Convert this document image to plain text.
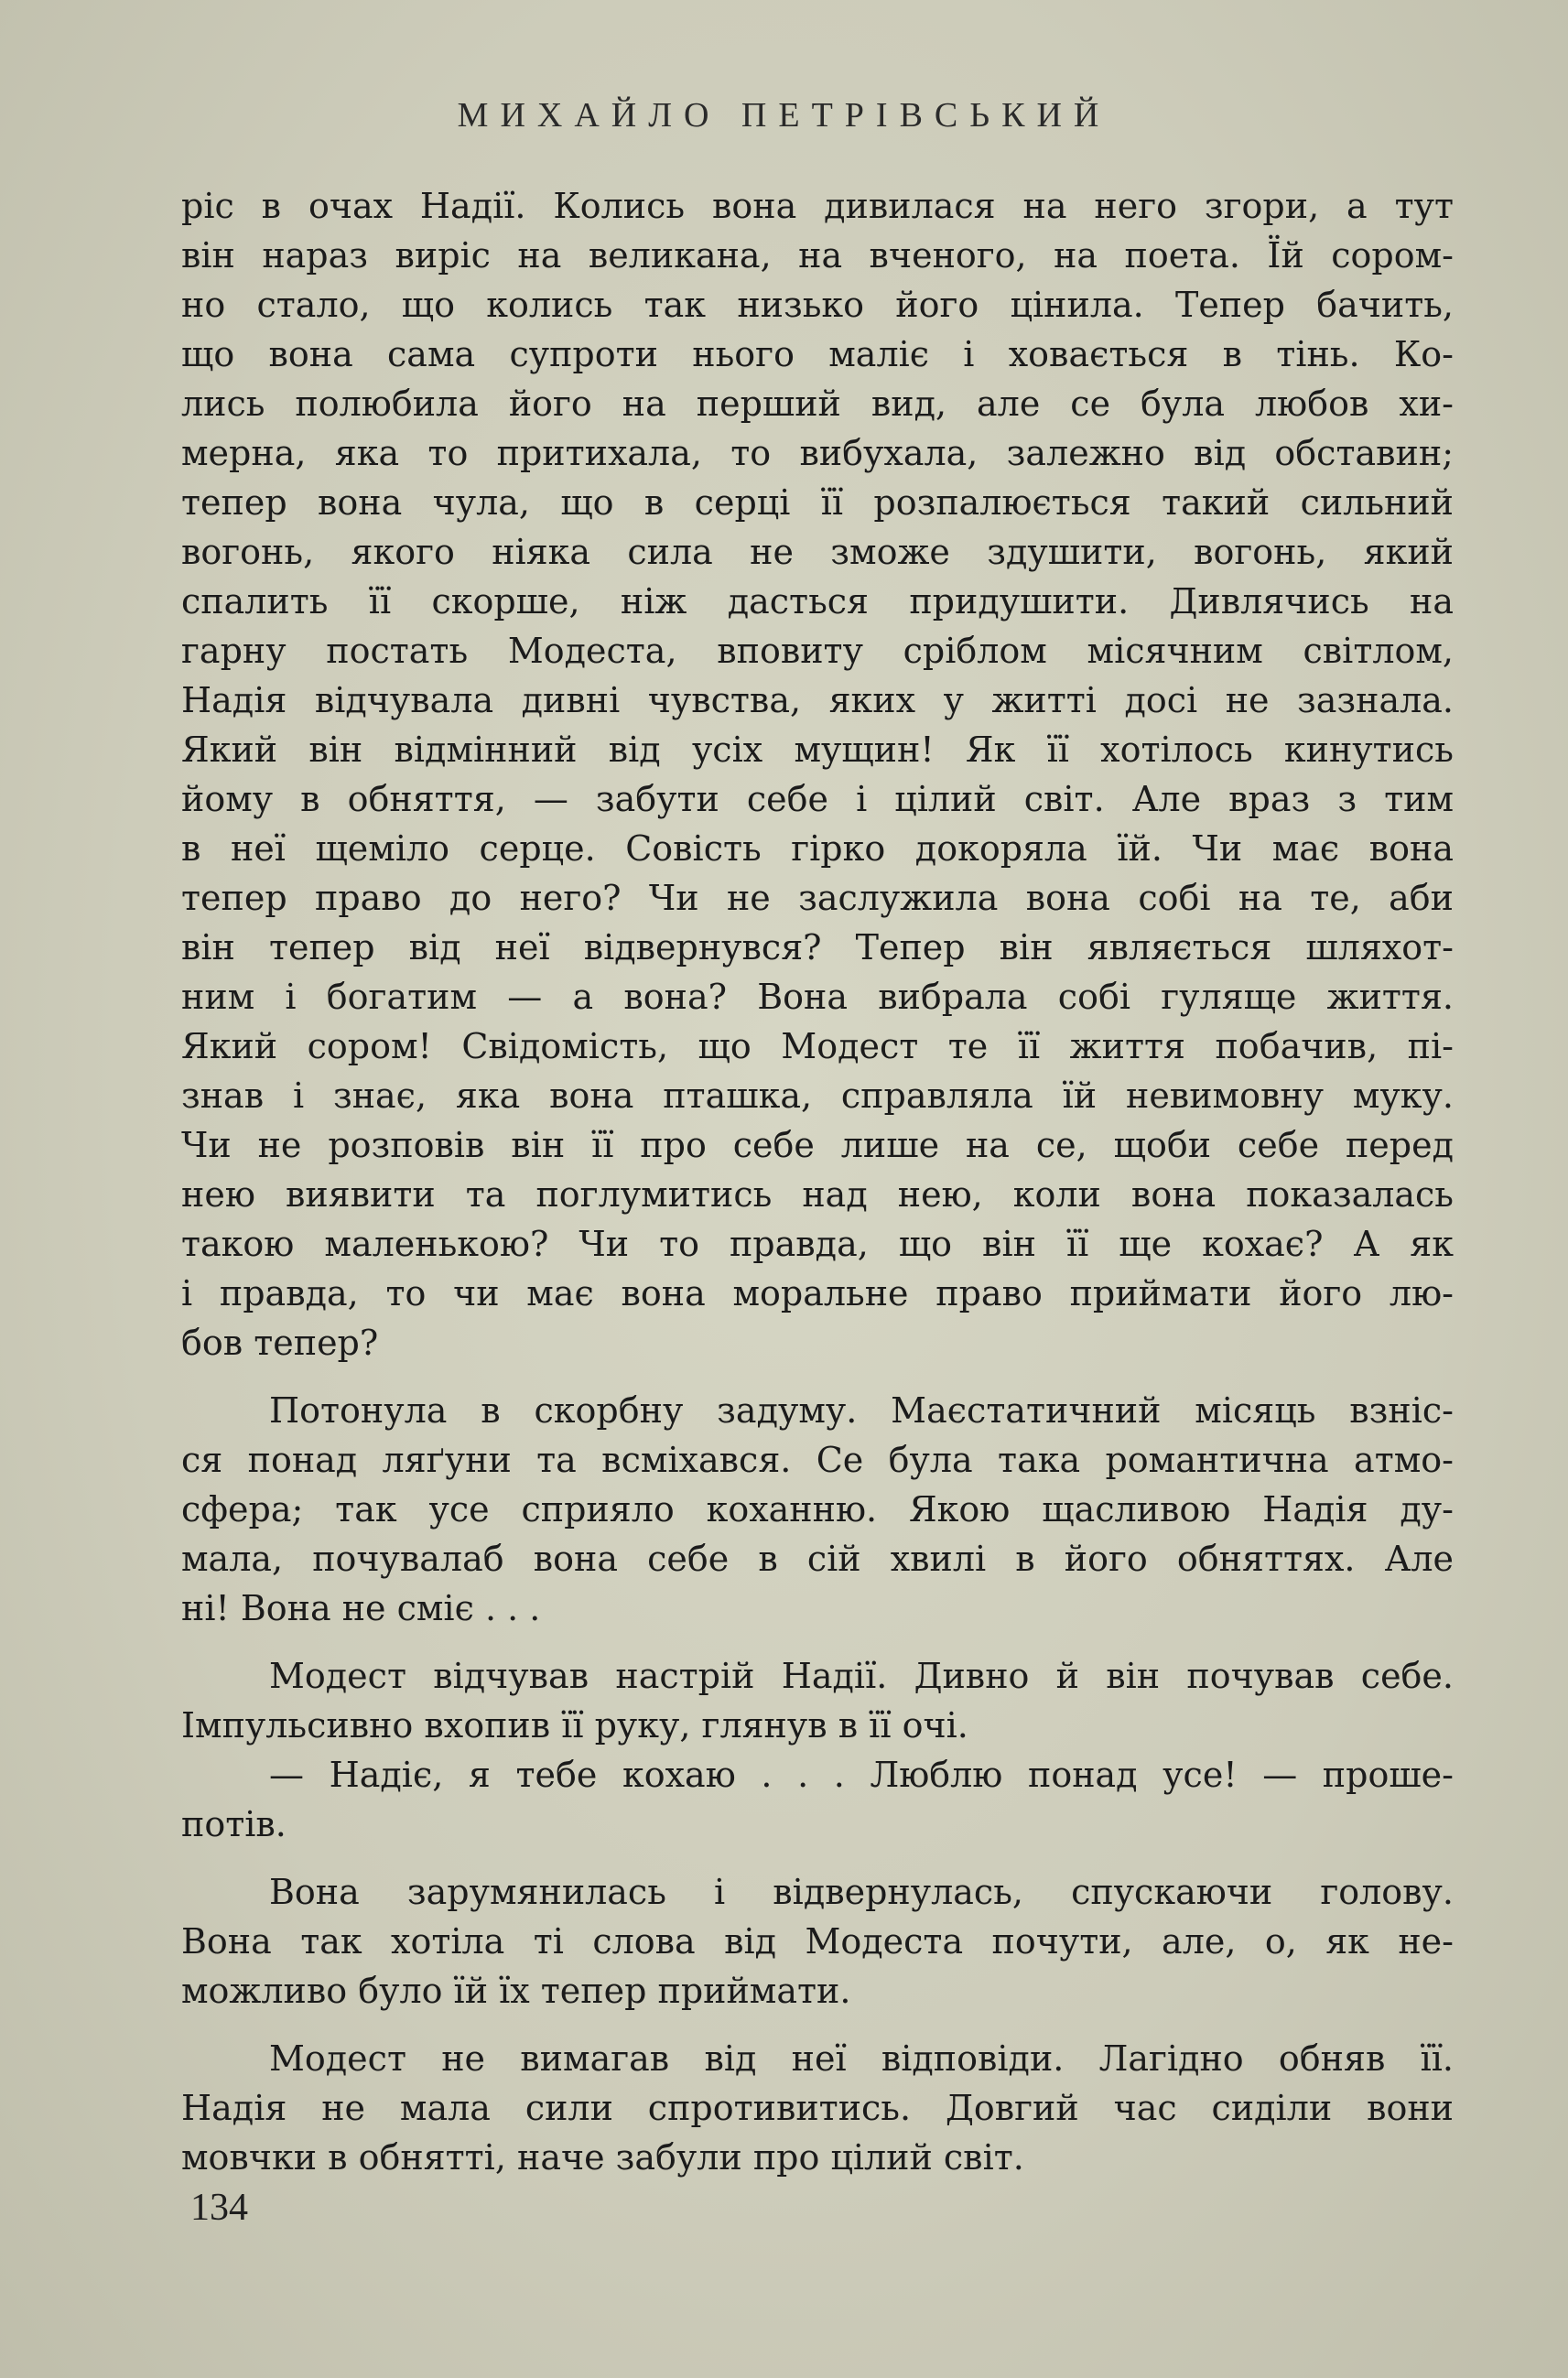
МИХАЙЛО ПЕТРІВСЬКИЙ
ріс в очах Надії. Колись вона дивилася на него згори, а тут
він нараз виріс на великана, на вченого, на поета. Їй сором-
но стало, що колись так низько його цінила. Тепер бачить,
що вона сама супроти нього маліє і ховається в тінь. Ко-
лись полюбила його на перший вид, але се була любов хи-
мерна, яка то притихала, то вибухала, залежно від обставин;
тепер вона чула, що в серці її розпалюється такий сильний
вогонь, якого ніяка сила не зможе здушити, вогонь, який
спалить її скорше, ніж дасться придушити. Дивлячись на
гарну постать Модеста, вповиту сріблом місячним світлом,
Надія відчувала дивні чувства, яких у житті досі не зазнала.
Який він відмінний від усіх мущин! Як її хотілось кинутись
йому в обняття, — забути себе і цілий світ. Але враз з тим
в неї щеміло серце. Совість гірко докоряла їй. Чи має вона
тепер право до него? Чи не заслужила вона собі на те, аби
він тепер від неї відвернувся? Тепер він являється шляхот-
ним і богатим — а вона? Вона вибрала собі гуляще життя.
Який сором! Свідомість, що Модест те її життя побачив, пі-
знав і знає, яка вона пташка, справляла їй невимовну муку.
Чи не розповів він її про себе лише на се, щоби себе перед
нею виявити та поглумитись над нею, коли вона показалась
такою маленькою? Чи то правда, що він її ще кохає? А як
і правда, то чи має вона моральне право приймати його лю-
бов тепер?
Потонула в скорбну задуму. Маєстатичний місяць взніс-
ся понад ляґуни та всміхався. Се була така романтична атмо-
сфера; так усе сприяло коханню. Якою щасливою Надія ду-
мала, почувалаб вона себе в сій хвилі в його обняттях. Але
ні! Вона не сміє . . .
Модест відчував настрій Надії. Дивно й він почував себе.
Імпульсивно вхопив її руку, глянув в її очі.
— Надіє, я тебе кохаю . . . Люблю понад усе! — проше-
потів.
Вона зарумянилась і відвернулась, спускаючи голову.
Вона так хотіла ті слова від Модеста почути, але, о, як не-
можливо було їй їх тепер приймати.
Модест не вимагав від неї відповіди. Лагідно обняв її.
Надія не мала сили спротивитись. Довгий час сиділи вони
мовчки в обнятті, наче забули про цілий світ.
134
